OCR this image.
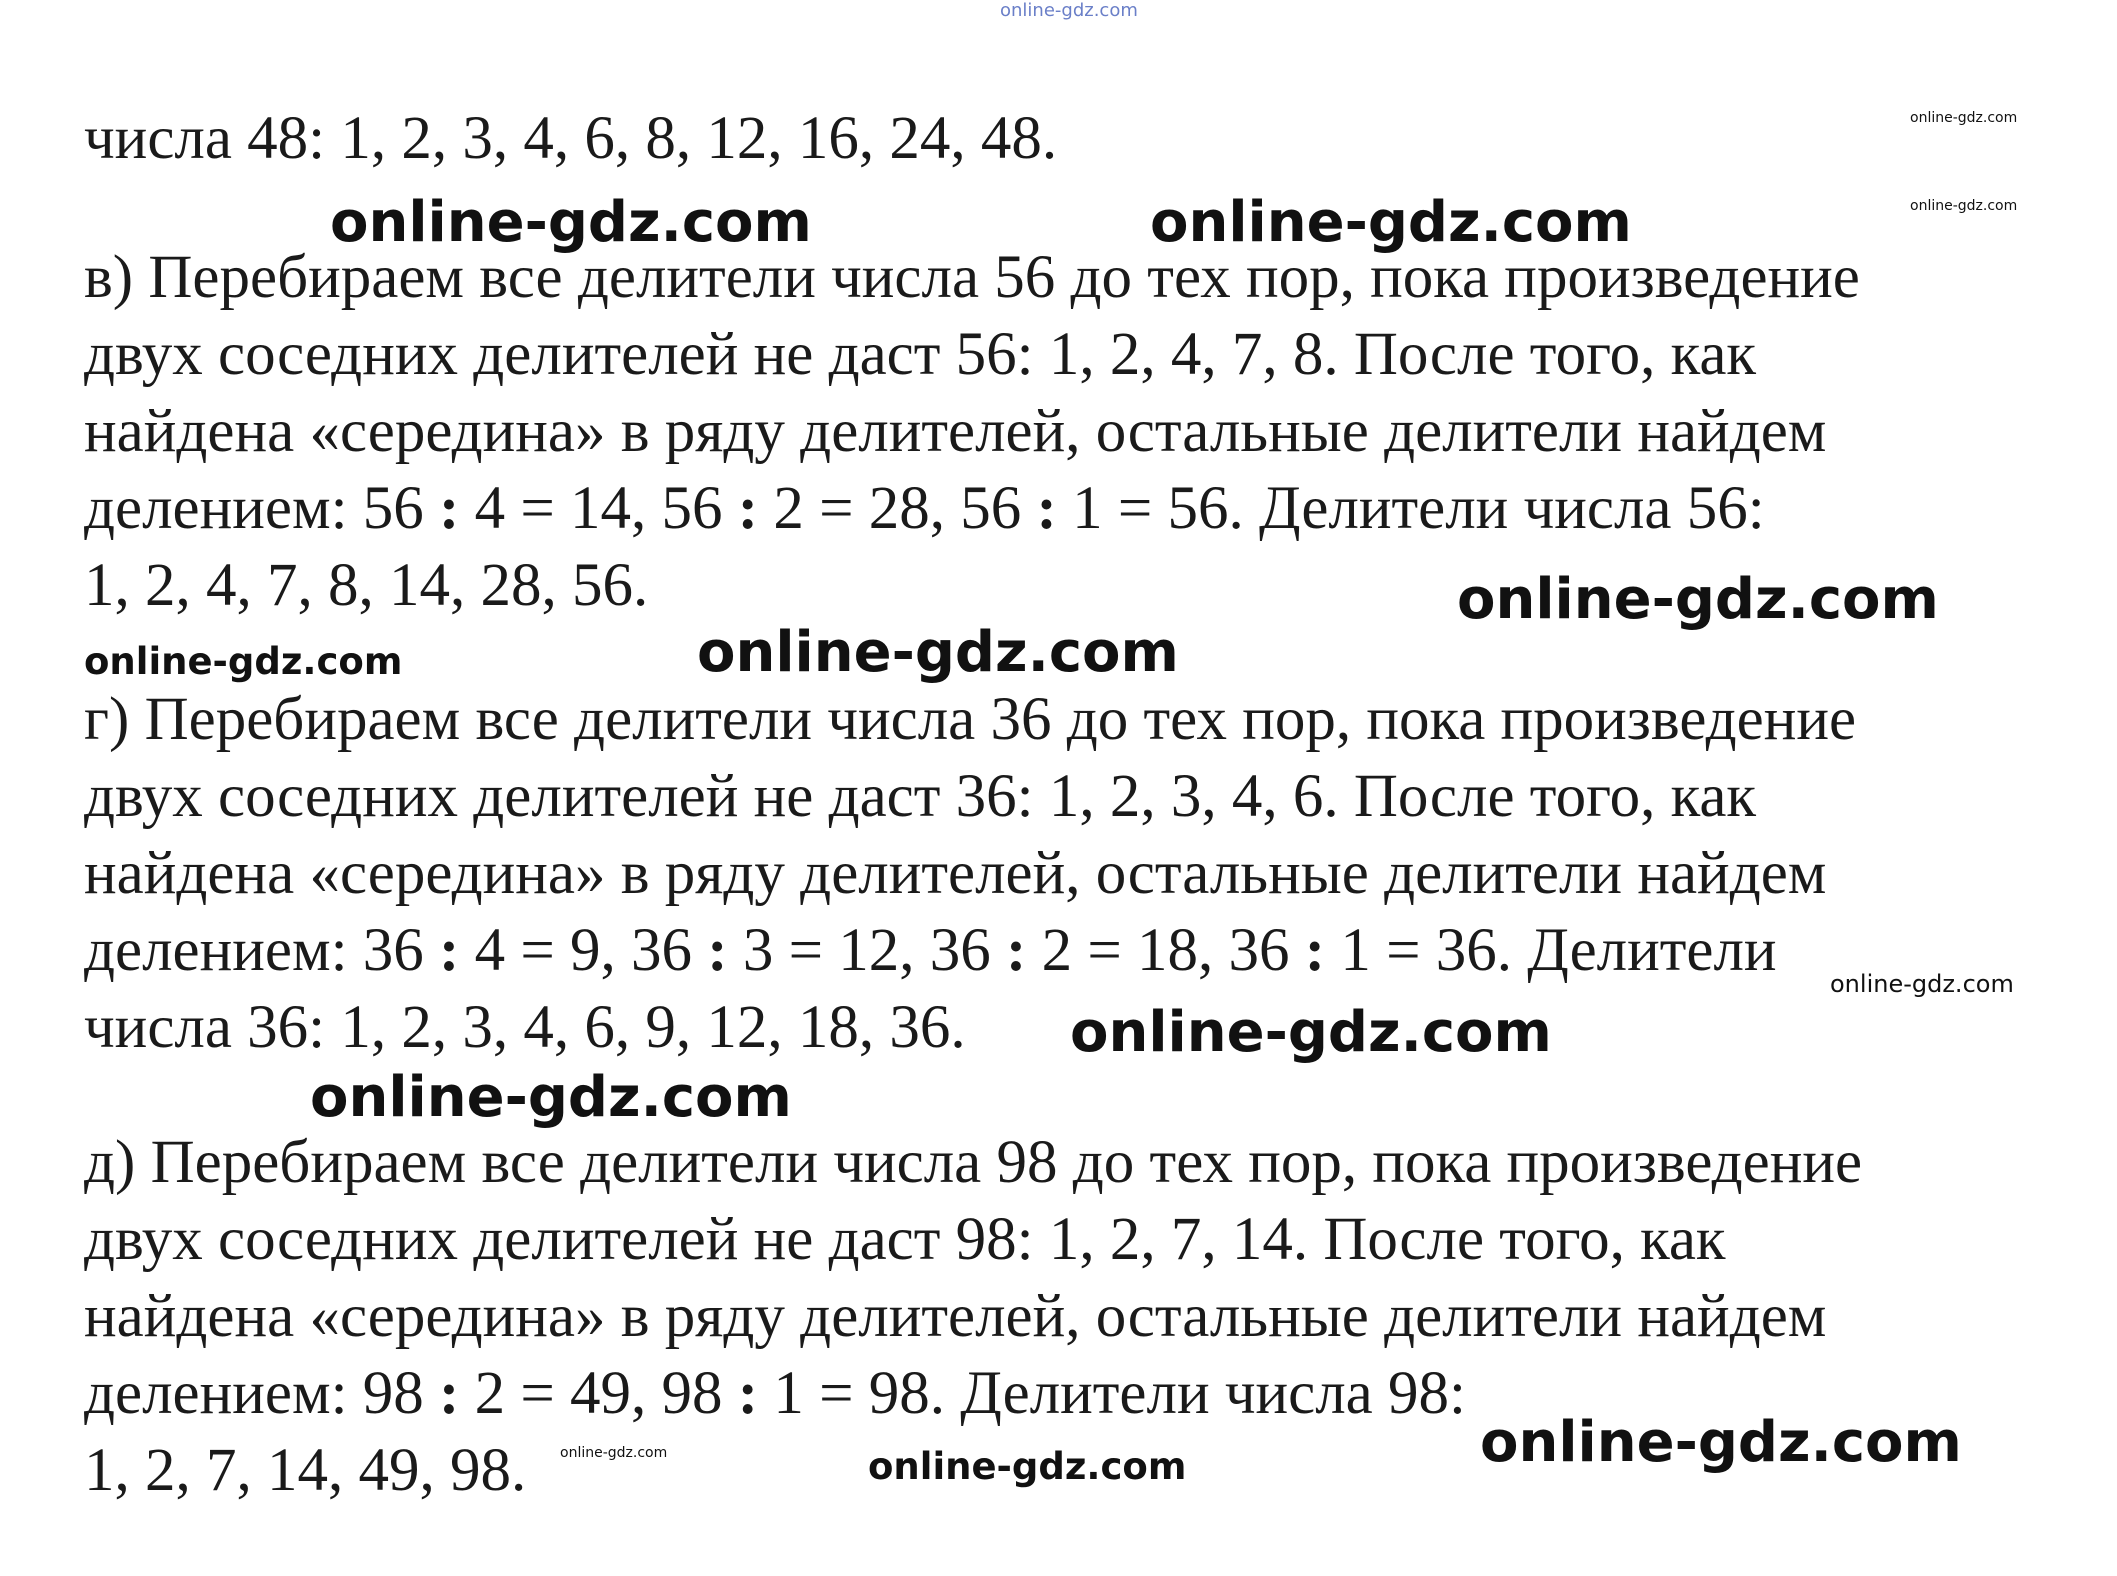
online-gdz.com
числа 48: 1, 2, 3, 4, 6, 8, 12, 16, 24, 48.
в) Перебираем все делители числа 56 до тех пор, пока произведение
двух соседних делителей не даст 56: 1, 2, 4, 7, 8. После того, как
найдена «середина» в ряду делителей, остальные делители найдем
делением: 56 : 4 = 14, 56 : 2 = 28, 56 : 1 = 56. Делители числа 56:
1, 2, 4, 7, 8, 14, 28, 56.
г) Перебираем все делители числа 36 до тех пор, пока произведение
двух соседних делителей не даст 36: 1, 2, 3, 4, 6. После того, как
найдена «середина» в ряду делителей, остальные делители найдем
делением: 36 : 4 = 9, 36 : 3 = 12, 36 : 2 = 18, 36 : 1 = 36. Делители
числа 36: 1, 2, 3, 4, 6, 9, 12, 18, 36.
д) Перебираем все делители числа 98 до тех пор, пока произведение
двух соседних делителей не даст 98: 1, 2, 7, 14. После того, как
найдена «середина» в ряду делителей, остальные делители найдем
делением: 98 : 2 = 49, 98 : 1 = 98. Делители числа 98:
1, 2, 7, 14, 49, 98.
online-gdz.com
online-gdz.com
online-gdz.com	online-gdz.com
online-gdz.com
online-gdz.com	online-gdz.com
online-gdz.com
online-gdz.com
online-gdz.com
online-gdz.com
online-gdz.com	online-gdz.com
